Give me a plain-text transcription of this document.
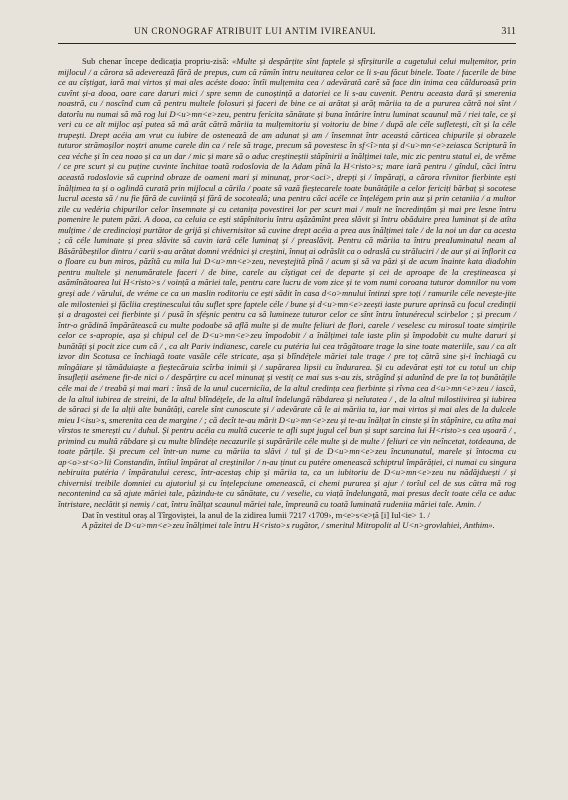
UN CRONOGRAF ATRIBUIT LUI ANTIM IVIREANUL	311

Sub chenar începe dedicația propriu-zisă: «Multe și despărțite sînt faptele și sfîrșiturile a cugetului celui mulțemitor, prin mijlocul / a cărora să adeverează fără de prepus, cum că rămîn întru neuitarea celor ce li s-au făcut binele. Toate / facerile de bine ce au cîștigat, iară mai virtos și mai ales acéste doao: întîi mulțemita cea / adevărată carĕ să face din inima cea călduroasă prin cuvînt și-a dooa, oare care daruri mici / spre semn de cunoștință a datoriei ce li s-au cuvenit. Pentru aceasta dară și smerenia noastră, cu / noscînd cum că pentru multele folosuri și faceri de bine ce ai arătat și arăț măriia ta de a pururea cătră noi sînt / datorîu nu numai să mă rog lui D<u>mn<e>zeu, pentru ferícita sănătate și buna întărire întru luminat scaunul mă / riei tale, ce și veri cu ce alt mijloc așí putea să mă arăt cătră măriia ta mulțemitoriu și voitoriu de bine / după ale céle sufletești, cît și la céle trupești. Drept acéia am vrut cu iubire de ostenează de am adunat și am / însemnat într aceastá cărticea chipurile și obrazele tuturor strămoșilor noștri anume carele din ca / rele să trage, precum să povestesc în sf<î>nta și d<u>mn<e>zeiasca Scriptură în cea véche și în cea noao și ca un dar / mic și mare să o aduc creștineștii stăpînirii a înălțimei tale, mic zic pentru statul ei, de vrěme / ce pre scurt și cu puține cuvinte închitae toată rodoslovia de la Adam pînă la H<risto>s; mare iară pentru / gîndul, căci întru această rodoslovie să cuprind obraze de oameni mari și minunaț, pror<oci>, drepți și / împărați, a cărora rîvnitor fierbinte ești înălțimea ta și o oglindă curată prin mijlocul a cărila / poate să vază fieștecarele toate bunătățile a celor fericiți bărbaț și socotese lucrul acesta să / nu fie fără de cuviință și fără de socoteală; una pentru căci acéle ce înțelégem prin auz și prin cetaniia / a multor zile cu vedéria chipurilor celor însemnate și cu cetanița povestirei lor per scurt mai / mult ne încredințăm și mai pre lesne întru pomenire le putem păzi. A dooa, ca celuia ce ești stăpînitoriu întru așăzămînt prea slăvit și întru obăduire prea luminat și de atîta mulțime / de credincioși purtător de grijă și chivernisitor să cuvine drept acéia a prea aus înălțimei tale / de la noi un dar ca acesta ; că céle luminate și prea slăvite să cuvin iară céle luminaț și / preaslăviț. Pentru că măriia ta întru preaIuminatul neam al Băsărăbeștilor dintru / carii s-au arătat domni vrédnici și creștini, înnuț ai odrăslit ca o odraslă cu străluciri / de aur și ai înflorit ca o floare cu bun miros, păzîtă cu mila lui D<u>mn<e>zeu, neveștejită pînă / acum și să va păzi și de acum înainte kata diadohin pentru multele și nenumăratele faceri / de bine, carele au cîștigat cei de departe și cei de aproape de la creștineasca și asămînătoarea lui H<risto>s / voință a măriei tale, pentru care lucru de vom zice și te vom numi coroana tuturor domnilor nu vom greși ade / vărului, de vréme ce ca un maslin roditoriu ce ești sădit în casa d<o>mnului întinzi spre toți / ramurile céle nevește-jite ale milosteniei și făcliia creștinescului tău suflet spre faptele céle / bune și d<u>mn<e>zeești iaste purure aprinsă cu focul credinții și a dragostei cei fierbinte și / pusă în sféșnic pentru ca să lumineze tuturor celor ce sînt întru întunérecul scirbelor ; și precum / într-o grădină împărătească cu multe podoabe să află multe și de multe feliuri de flori, carele / veselesc cu mirosul toate simțirile celor ce s-apropie, așa și chipul cel de D<u>mn<e>zeu împodobit / a înălțimei tale iaste plin și împodobit cu multe daruri și bunătăți și pocit zice cum că / , ca alt Pariv indianesc, carele cu putéria lui cea trăgătoare trage la sine toate materiile, sau / ca alt izvor din Scotusa ce închiagă toate vasăle céle stricate, așa și blîndéțele măriei tale trage / pre toț cătră sine și-i închiagă cu mîngăiare și tămăduiaște a fieștecăruia scîrba inimii și / supărarea lipsii cu îndurarea. Și cu adevărat ești tot cu totul un chip însufleții asémene fir-de nici o / despărțire cu acel minunaț și vestiț ce mai sus s-au zis, străgînd și adunînd de pre la toț bunătățile céle mai de / treabă și mai mari : însă de la unul cucernicíia, de la altul credința cea fierbinte și rîvna cea d<u>mn<e>zeu / iască, de la altul iubirea de streini, de la altul blîndéțele, de la altul îndelungă răbdarea și neîutatea / , de la altul milostiivirea și iubirea de săraci și de la alții alte bunătăți, carele sînt cunoscute și / adevărate că le ai măriia ta, iar mai virtos și mai ales de la dulcele mieu I<isu>s, smerenita cea de margine / ; că decît te-au mărit D<u>mn<e>zeu și te-au înălțat în cinste și în stăpînire, cu atîta mai vîrstos te smerești cu / duhul. Și pentru acéia cu multă cucerie te afli supt jugul cel bun și supt sarcina lui H<risto>s cea ușoară / , primind cu multă răbdare și cu multe blîndéțe necazurile și supărările céle multe și de multe / feliuri ce vin neîncetat, totdeauna, de toate părțile. Și precum cel într-un nume cu măriia ta slăvi / tul și de D<u>mn<e>zeu încununatul, marele și întocma cu ap<o>st<o>lii Constandin, întîiul împărat al creștinilor / n-au ținut cu putére omenească schiptrul împărăției, ci numai cu singura nebiruita putéria / împăratului ceresc, într-acestaș chip și măriia ta, ca un iubitoriu de D<u>mn<e>zeu nu nădăjduești / și chivernisi treibile domniei cu ajutoriul și cu înțelepciune omenească, ci chemi purureа și ajur / torîul cel de sus cătra mă rog necontenind ca să ajute măriei tale, păzindu-te cu sănătate, cu / veselie, cu viață îndelungată, mai presus decît toate céla ce aduc întristare, neclătit și nemiș / cat, întru înălțat scaunul măriei tale, împreună cu toată luminată rudeniia măriei tale. Amin. /

Dat în vestitul oraș al Tîrgoviștei, la anul de la zidirea lumii 7217 ‹1709›, m<e>s<e>ță [i] Iul<ie> 1. /

A păzitei de D<u>mn<e>zeu înălțimei tale întru H<risto>s rugător, / smeritul Mitropolit al U<n>grovlahiei, Anthim».
